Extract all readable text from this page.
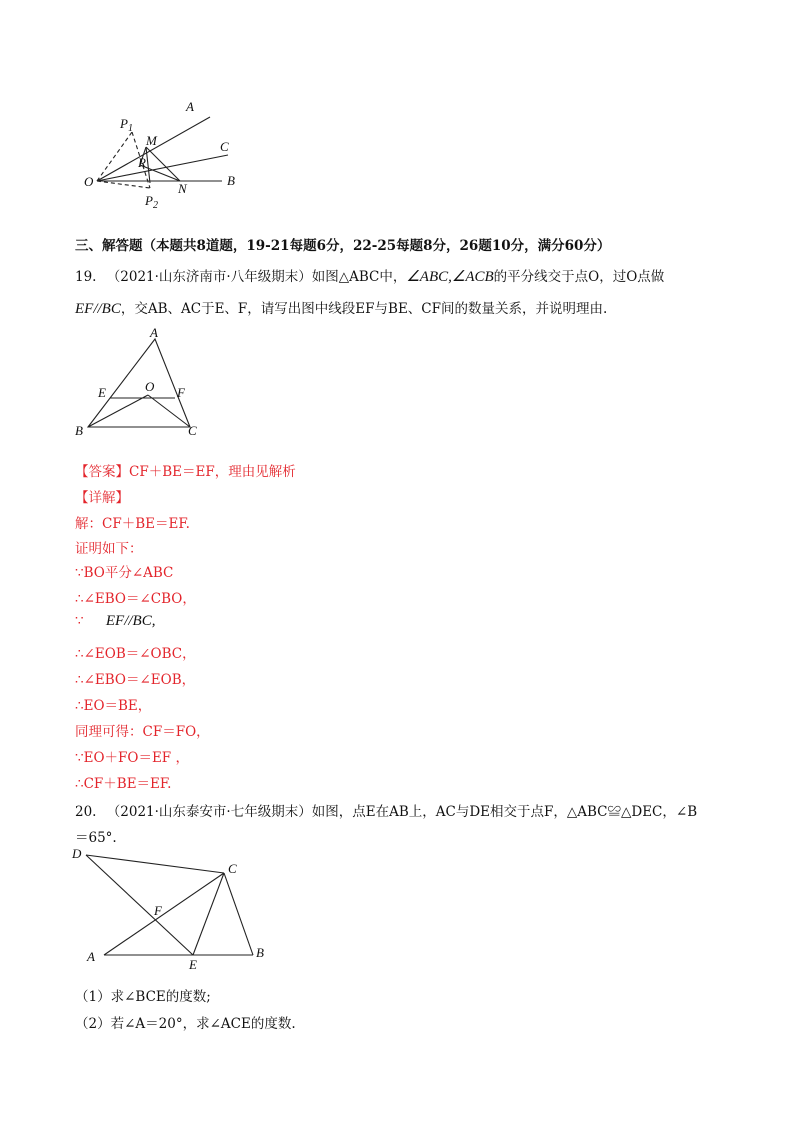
A
C
B
O
M
N
R
$P_1$
$P_2$
三、解答题（本题共8道题，19-21每题6分，22-25每题8分，26题10分，满分60分）
19. （2021·山东济南市·八年级期末）如图△ABC中，∠ABC,∠ACB的平分线交于点O，过O点做
EF//BC，交AB、AC于E、F，请写出图中线段EF与BE、CF间的数量关系，并说明理由.
A
E	O F
B	C
【答案】CF＋BE＝EF，理由见解析
【详解】
解：CF＋BE＝EF.
证明如下：
∵BO平分∠ABC
∴∠EBO＝∠CBO，
∵ EF//BC,
∴∠EOB＝∠OBC，
∴∠EBO＝∠EOB，
∴EO＝BE，
同理可得：CF＝FO，
∵EO＋FO＝EF ，
∴CF＋BE＝EF.
20. （2021·山东泰安市·七年级期末）如图，点E在AB上，AC与DE相交于点F，△ABC≌△DEC，∠B
＝65°.
D
C
F
A
E
B
（1）求∠BCE的度数;
（2）若∠A＝20°，求∠ACE的度数.
